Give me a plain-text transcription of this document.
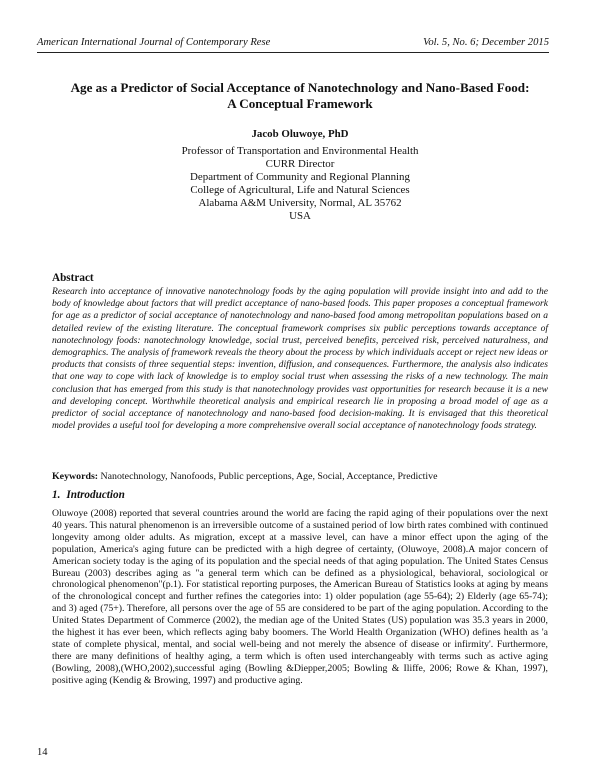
American International Journal of Contemporary Rese	Vol. 5, No. 6; December 2015
Age as a Predictor of Social Acceptance of Nanotechnology and Nano-Based Food:
A Conceptual Framework
Jacob Oluwoye, PhD
Professor of Transportation and Environmental Health
CURR Director
Department of Community and Regional Planning
College of Agricultural, Life and Natural Sciences
Alabama A&M University, Normal, AL 35762
USA
Abstract

Research into acceptance of innovative nanotechnology foods by the aging population will provide insight into and add to the body of knowledge about factors that will predict acceptance of nano-based foods. This paper proposes a conceptual framework for age as a predictor of social acceptance of nanotechnology and nano-based food among metropolitan populations based on a detailed review of the existing literature. The conceptual framework comprises six public perceptions towards acceptance of nanotechnology foods: nanotechnology knowledge, social trust, perceived benefits, perceived risk, perceived naturalness, and demographics. The analysis of framework reveals the theory about the process by which individuals accept or reject new ideas or products that consists of three sequential steps: invention, diffusion, and consequences. Furthermore, the analysis also indicates that one way to cope with lack of knowledge is to employ social trust when assessing the risks of a new technology. The main conclusion that has emerged from this study is that nanotechnology provides vast opportunities for research because it is a new and developing concept. Worthwhile theoretical analysis and empirical research lie in proposing a broad model of age as a predictor of social acceptance of nanotechnology and nano-based food decision-making. It is envisaged that this theoretical model provides a useful tool for developing a more comprehensive overall social acceptance of nanotechnology foods strategy.

Keywords: Nanotechnology, Nanofoods, Public perceptions, Age, Social, Acceptance, Predictive
1. Introduction

Oluwoye (2008) reported that several countries around the world are facing the rapid aging of their populations over the next 40 years. This natural phenomenon is an irreversible outcome of a sustained period of low birth rates combined with continued longevity among older adults. As migration, except at a massive level, can have a minor effect upon the aging of the population, America's aging future can be predicted with a high degree of certainty, (Oluwoye, 2008).A major concern of American society today is the aging of its population and the special needs of that aging population. The United States Census Bureau (2003) describes aging as "a general term which can be defined as a physiological, behavioral, sociological or chronological phenomenon"(p.1). For statistical reporting purposes, the American Bureau of Statistics looks at aging by means of the chronological concept and further refines the categories into: 1) older population (age 55-64); 2) Elderly (age 65-74); and 3) aged (75+). Therefore, all persons over the age of 55 are considered to be part of the aging population. According to the United States Department of Commerce (2002), the median age of the United States (US) population was 35.3 years in 2000, the highest it has ever been, which reflects aging baby boomers. The World Health Organization (WHO) defines health as 'a state of complete physical, mental, and social well-being and not merely the absence of disease or infirmity'. Furthermore, there are many definitions of healthy aging, a term which is often used interchangeably with terms such as active aging (Bowling, 2008),(WHO,2002),successful aging (Bowling &Diepper,2005; Bowling & Iliffe, 2006; Rowe & Khan, 1997), positive aging (Kendig & Browing, 1997) and productive aging.

14
